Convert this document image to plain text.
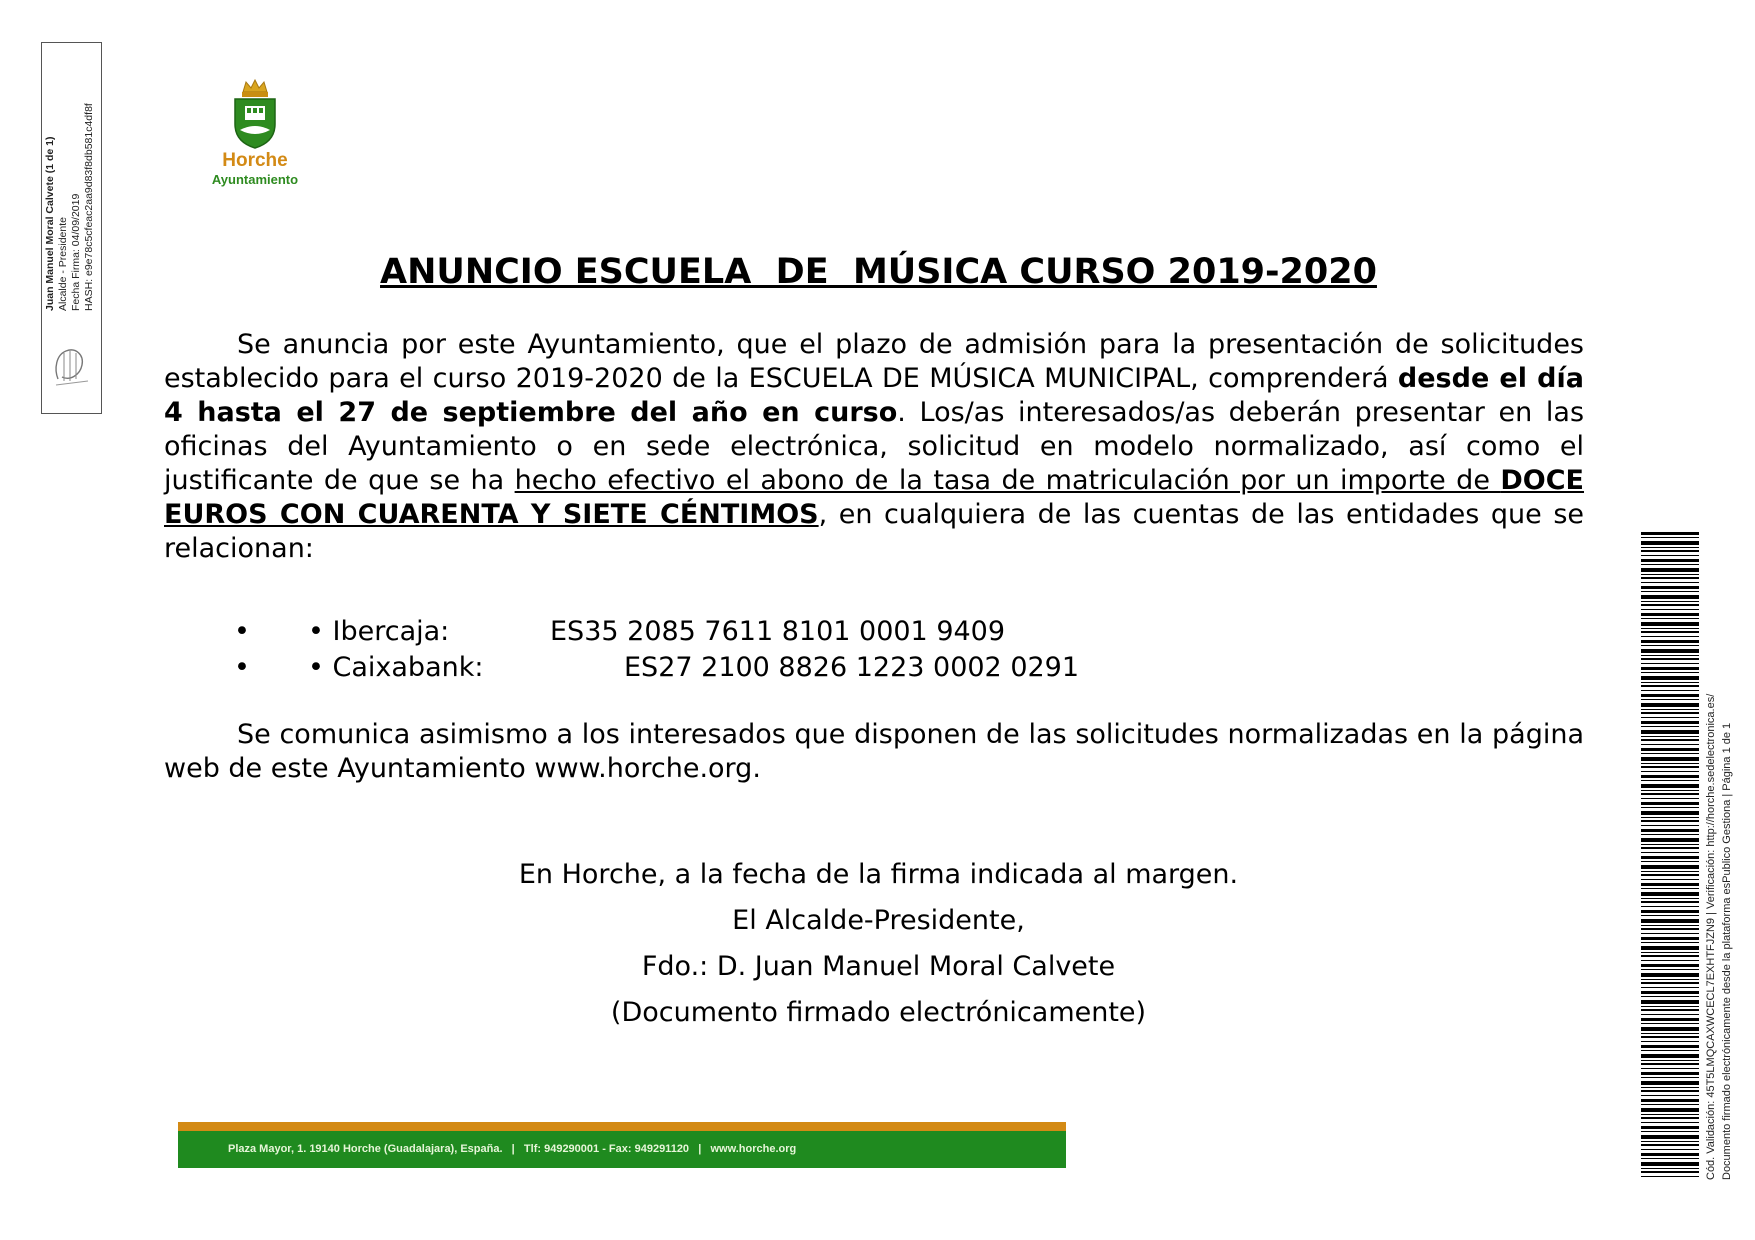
Juan Manuel Moral Calvete (1 de 1) Alcalde - Presidente Fecha Firma: 04/09/2019 HASH: e9e78c5cfeac2aa9d83f8db581c4df8f	Horche
Ayuntamiento
ANUNCIO ESCUELA  DE  MÚSICA CURSO 2019-2020

Se anuncia por este Ayuntamiento, que el plazo de admisión para la presentación de solicitudes establecido para el curso 2019-2020 de la ESCUELA DE MÚSICA MUNICIPAL, comprenderá desde el día 4 hasta el 27 de septiembre del año en curso. Los/as interesados/as deberán presentar en las oficinas del Ayuntamiento o en sede electrónica, solicitud en modelo normalizado, así como el justificante de que se ha hecho efectivo el abono de la tasa de matriculación por un importe de DOCE EUROS CON CUARENTA Y SIETE CÉNTIMOS, en cualquiera de las cuentas de las entidades que se relacionan:

• • Ibercaja:	ES35 2085 7611 8101 0001 9409
• • Caixabank:	ES27 2100 8826 1223 0002 0291

Se comunica asimismo a los interesados que disponen de las solicitudes normalizadas en la página web de este Ayuntamiento www.horche.org.

En Horche, a la fecha de la firma indicada al margen.
El Alcalde-Presidente,
Fdo.: D. Juan Manuel Moral Calvete
(Documento firmado electrónicamente)
Plaza Mayor, 1. 19140 Horche (Guadalajara), España.   |   Tlf: 949290001 - Fax: 949291120   |   www.horche.org	Cód. Validación: 45T5LMQCAXWCECL7EXHTFJZN9 | Verificación: http://horche.sedelectronica.es/ Documento firmado electrónicamente desde la plataforma esPublico Gestiona | Página 1 de 1
